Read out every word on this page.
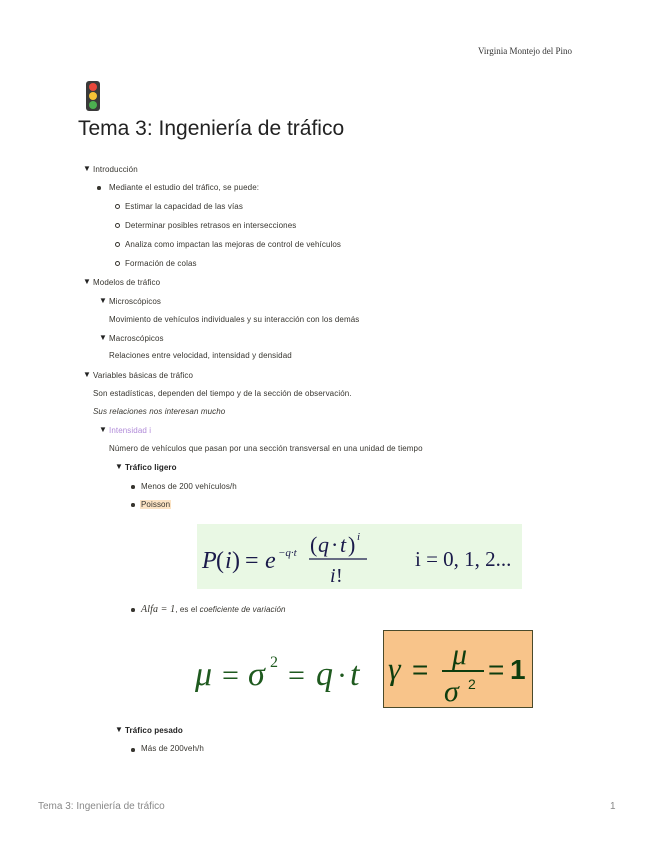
Virginia Montejo del Pino
Tema 3: Ingeniería de tráfico
▼ Introducción
Mediante el estudio del tráfico, se puede:
Estimar la capacidad de las vías
Determinar posibles retrasos en intersecciones
Analiza como impactan las mejoras de control de vehículos
Formación de colas
▼ Modelos de tráfico
▼ Microscópicos
Movimiento de vehículos individuales y su interacción con los demás
▼ Macroscópicos
Relaciones entre velocidad, intensidad y densidad
▼ Variables básicas de tráfico
Son estadísticas, dependen del tiempo y de la sección de observación.
Sus relaciones nos interesan mucho
▼ Intensidad i
Número de vehículos que pasan por una sección transversal en una unidad de tiempo
▼ Tráfico ligero
Menos de 200 vehículos/h
Poisson
P ( i ) = e −q·t ( q · t ) i
i !
i = 0, 1, 2...
Alfa = 1, es el coeficiente de variación
μ = σ 2 = q · t γ = μ
σ 2 = 1
▼ Tráfico pesado
Más de 200veh/h
Tema 3: Ingeniería de tráfico	1
